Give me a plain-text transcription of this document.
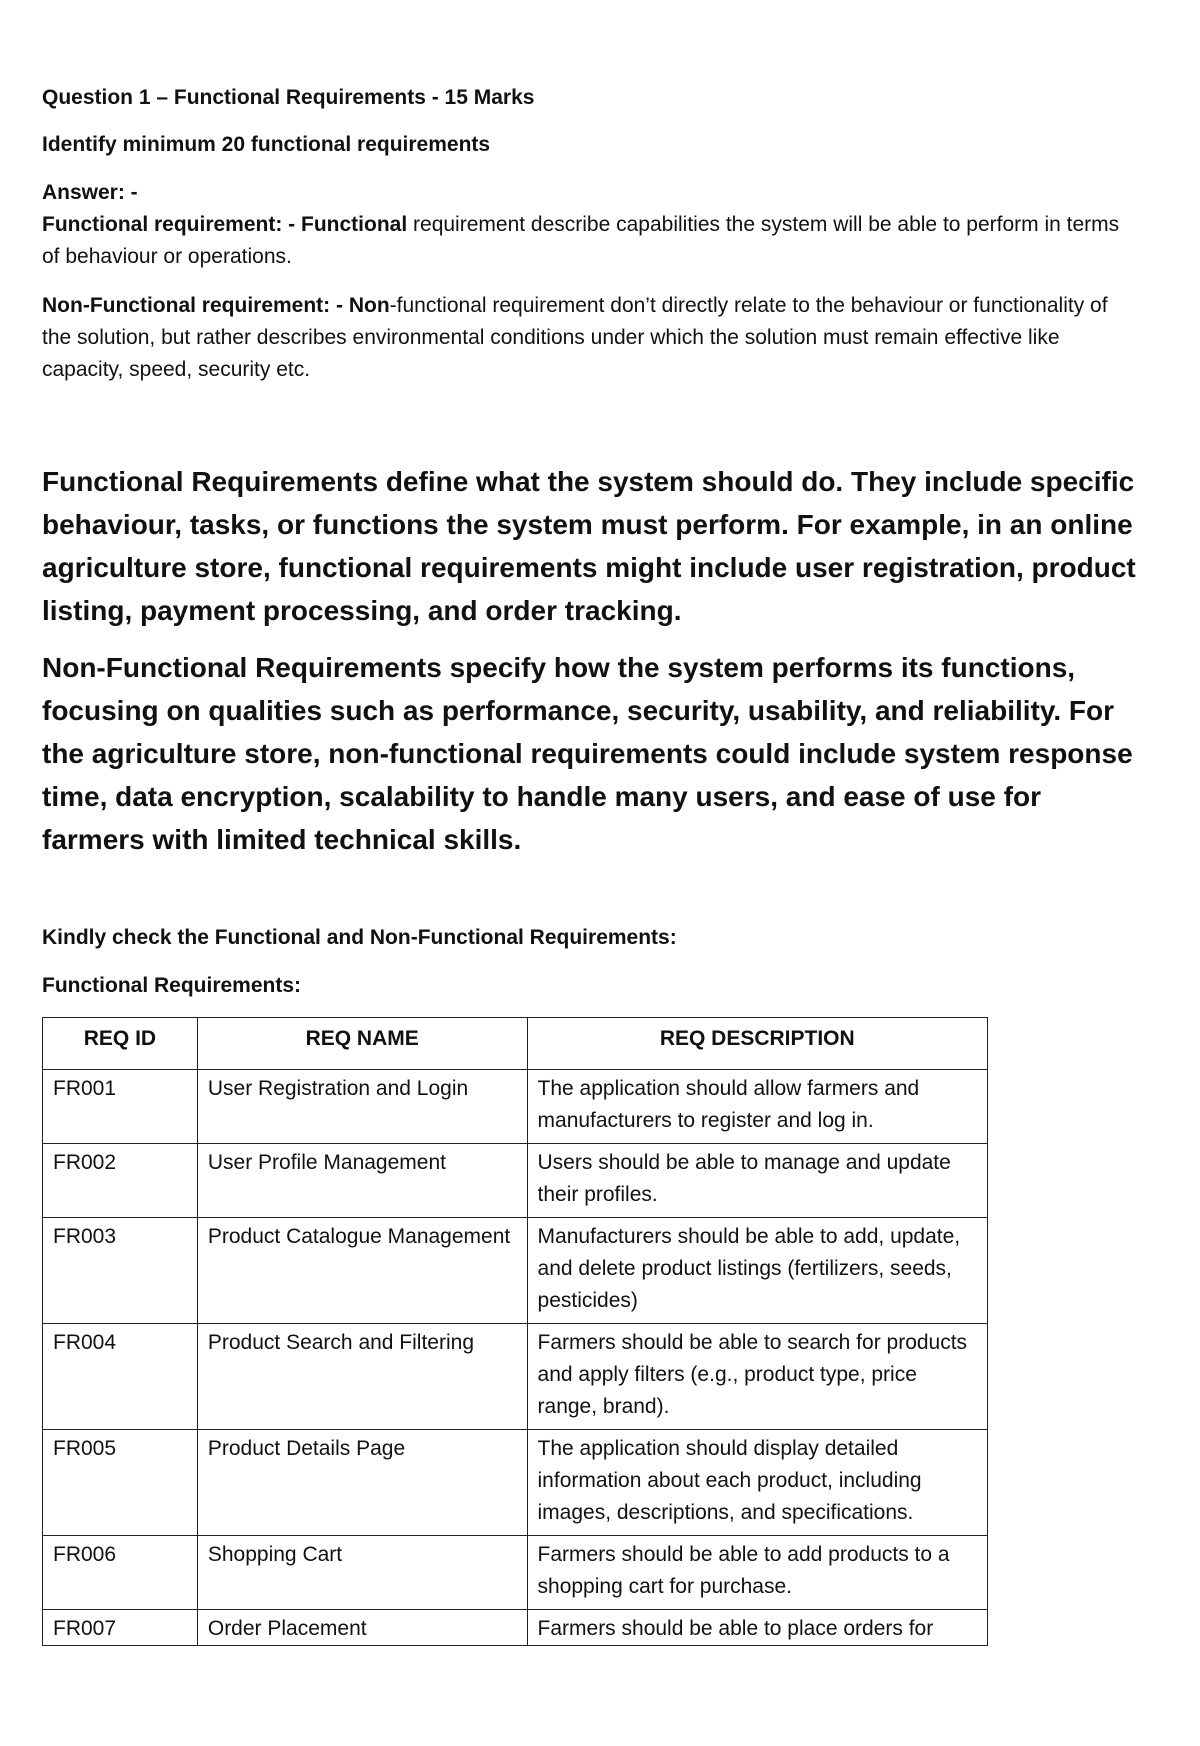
Question 1 – Functional Requirements - 15 Marks

Identify minimum 20 functional requirements

Answer: -

Functional requirement: - Functional requirement describe capabilities the system will be able to perform in terms of behaviour or operations.

Non-Functional requirement: - Non-functional requirement don’t directly relate to the behaviour or functionality of the solution, but rather describes environmental conditions under which the solution must remain effective like capacity, speed, security etc.

Functional Requirements define what the system should do. They include specific behaviour, tasks, or functions the system must perform. For example, in an online agriculture store, functional requirements might include user registration, product listing, payment processing, and order tracking.

Non-Functional Requirements specify how the system performs its functions, focusing on qualities such as performance, security, usability, and reliability. For the agriculture store, non-functional requirements could include system response time, data encryption, scalability to handle many users, and ease of use for farmers with limited technical skills.

Kindly check the Functional and Non-Functional Requirements:

Functional Requirements:

REQ ID	REQ NAME	REQ DESCRIPTION
FR001	User Registration and Login	The application should allow farmers and manufacturers to register and log in.
FR002	User Profile Management	Users should be able to manage and update their profiles.
FR003	Product Catalogue Management	Manufacturers should be able to add, update, and delete product listings (fertilizers, seeds, pesticides)
FR004	Product Search and Filtering	Farmers should be able to search for products and apply filters (e.g., product type, price range, brand).
FR005	Product Details Page	The application should display detailed information about each product, including images, descriptions, and specifications.
FR006	Shopping Cart	Farmers should be able to add products to a shopping cart for purchase.
FR007	Order Placement	Farmers should be able to place orders for
